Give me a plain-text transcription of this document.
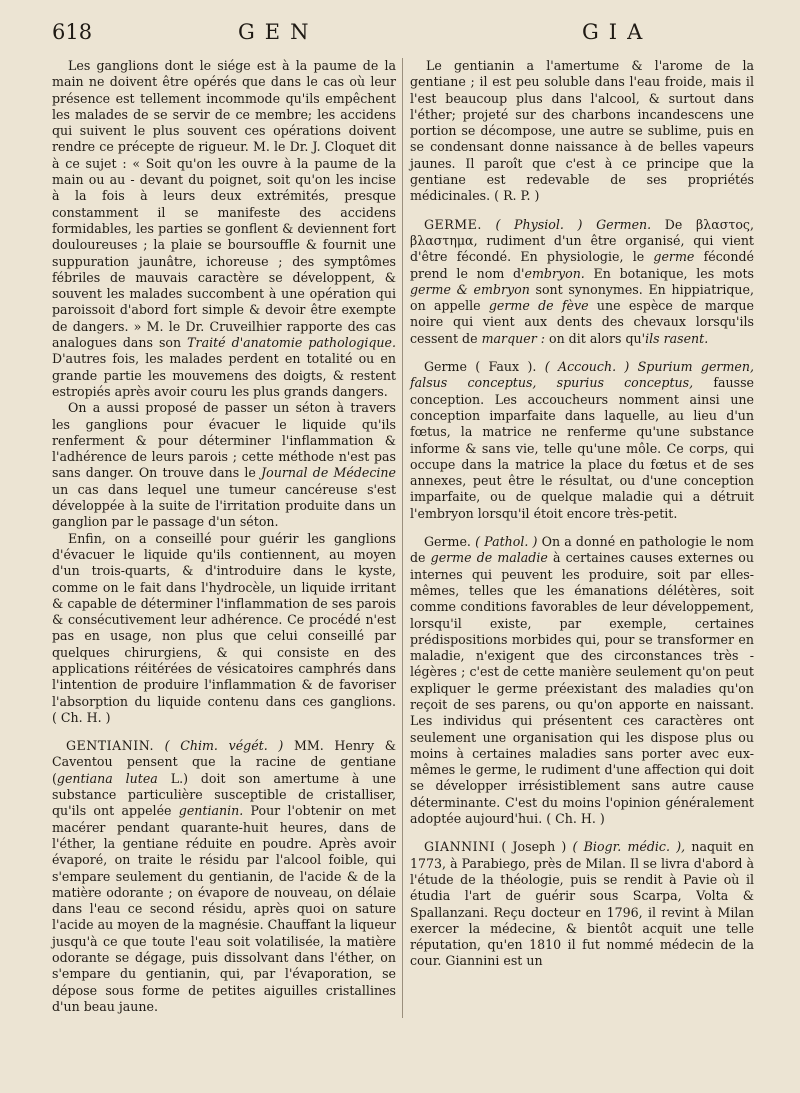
618	GEN	GIA

Les ganglions dont le siége est à la paume de la main ne doivent être opérés que dans le cas où leur présence est tellement incommode qu'ils empêchent les malades de se servir de ce membre; les accidens qui suivent le plus souvent ces opérations doivent rendre ce précepte de rigueur. M. le Dr. J. Cloquet dit à ce sujet : « Soit qu'on les ouvre à la paume de la main ou au - devant du poignet, soit qu'on les incise à la fois à leurs deux extrémités, presque constamment il se manifeste des accidens formidables, les parties se gonflent & deviennent fort douloureuses ; la plaie se boursouffle & fournit une suppuration jaunâtre, ichoreuse ; des symptômes fébriles de mauvais caractère se développent, & souvent les malades succombent à une opération qui paroissoit d'abord fort simple & devoir être exempte de dangers. » M. le Dr. Cruveilhier rapporte des cas analogues dans son Traité d'anatomie pathologique. D'autres fois, les malades perdent en totalité ou en grande partie les mouvemens des doigts, & restent estropiés après avoir couru les plus grands dangers.

On a aussi proposé de passer un séton à travers les ganglions pour évacuer le liquide qu'ils renferment & pour déterminer l'inflammation & l'adhérence de leurs parois ; cette méthode n'est pas sans danger. On trouve dans le Journal de Médecine un cas dans lequel une tumeur cancéreuse s'est développée à la suite de l'irritation produite dans un ganglion par le passage d'un séton.

Enfin, on a conseillé pour guérir les ganglions d'évacuer le liquide qu'ils contiennent, au moyen d'un trois-quarts, & d'introduire dans le kyste, comme on le fait dans l'hydrocèle, un liquide irritant & capable de déterminer l'inflammation de ses parois & consécutivement leur adhérence. Ce procédé n'est pas en usage, non plus que celui conseillé par quelques chirurgiens, & qui consiste en des applications réitérées de vésicatoires camphrés dans l'intention de produire l'inflammation & de favoriser l'absorption du liquide contenu dans ces ganglions. ( Ch. H. )

GENTIANIN. ( Chim. végét. ) MM. Henry & Caventou pensent que la racine de gentiane (gentiana lutea L.) doit son amertume à une substance particulière susceptible de cristalliser, qu'ils ont appelée gentianin. Pour l'obtenir on met macérer pendant quarante-huit heures, dans de l'éther, la gentiane réduite en poudre. Après avoir évaporé, on traite le résidu par l'alcool foible, qui s'empare seulement du gentianin, de l'acide & de la matière odorante ; on évapore de nouveau, on délaie dans l'eau ce second résidu, après quoi on sature l'acide au moyen de la magnésie. Chauffant la liqueur jusqu'à ce que toute l'eau soit volatilisée, la matière odorante se dégage, puis dissolvant dans l'éther, on s'empare du gentianin, qui, par l'évaporation, se dépose sous forme de petites aiguilles cristallines d'un beau jaune.

Le gentianin a l'amertume & l'arome de la gentiane ; il est peu soluble dans l'eau froide, mais il l'est beaucoup plus dans l'alcool, & surtout dans l'éther; projeté sur des charbons incandescens une portion se décompose, une autre se sublime, puis en se condensant donne naissance à de belles vapeurs jaunes. Il paroît que c'est à ce principe que la gentiane est redevable de ses propriétés médicinales. ( R. P. )

GERME. ( Physiol. ) Germen. De βλαστος, βλαστημα, rudiment d'un être organisé, qui vient d'être fécondé. En physiologie, le germe fécondé prend le nom d'embryon. En botanique, les mots germe & embryon sont synonymes. En hippiatrique, on appelle germe de fève une espèce de marque noire qui vient aux dents des chevaux lorsqu'ils cessent de marquer : on dit alors qu'ils rasent.

Germe ( Faux ). ( Accouch. ) Spurium germen, falsus conceptus, spurius conceptus, fausse conception. Les accoucheurs nomment ainsi une conception imparfaite dans laquelle, au lieu d'un fœtus, la matrice ne renferme qu'une substance informe & sans vie, telle qu'une môle. Ce corps, qui occupe dans la matrice la place du fœtus et de ses annexes, peut être le résultat, ou d'une conception imparfaite, ou de quelque maladie qui a détruit l'embryon lorsqu'il étoit encore très-petit.

Germe. ( Pathol. ) On a donné en pathologie le nom de germe de maladie à certaines causes externes ou internes qui peuvent les produire, soit par elles-mêmes, telles que les émanations délétères, soit comme conditions favorables de leur développement, lorsqu'il existe, par exemple, certaines prédispositions morbides qui, pour se transformer en maladie, n'exigent que des circonstances très - légères ; c'est de cette manière seulement qu'on peut expliquer le germe préexistant des maladies qu'on reçoit de ses parens, ou qu'on apporte en naissant. Les individus qui présentent ces caractères ont seulement une organisation qui les dispose plus ou moins à certaines maladies sans porter avec eux-mêmes le germe, le rudiment d'une affection qui doit se développer irrésistiblement sans autre cause déterminante. C'est du moins l'opinion généralement adoptée aujourd'hui. ( Ch. H. )

GIANNINI ( Joseph ) ( Biogr. médic. ), naquit en 1773, à Parabiego, près de Milan. Il se livra d'abord à l'étude de la théologie, puis se rendit à Pavie où il étudia l'art de guérir sous Scarpa, Volta & Spallanzani. Reçu docteur en 1796, il revint à Milan exercer la médecine, & bientôt acquit une telle réputation, qu'en 1810 il fut nommé médecin de la cour. Giannini est un
